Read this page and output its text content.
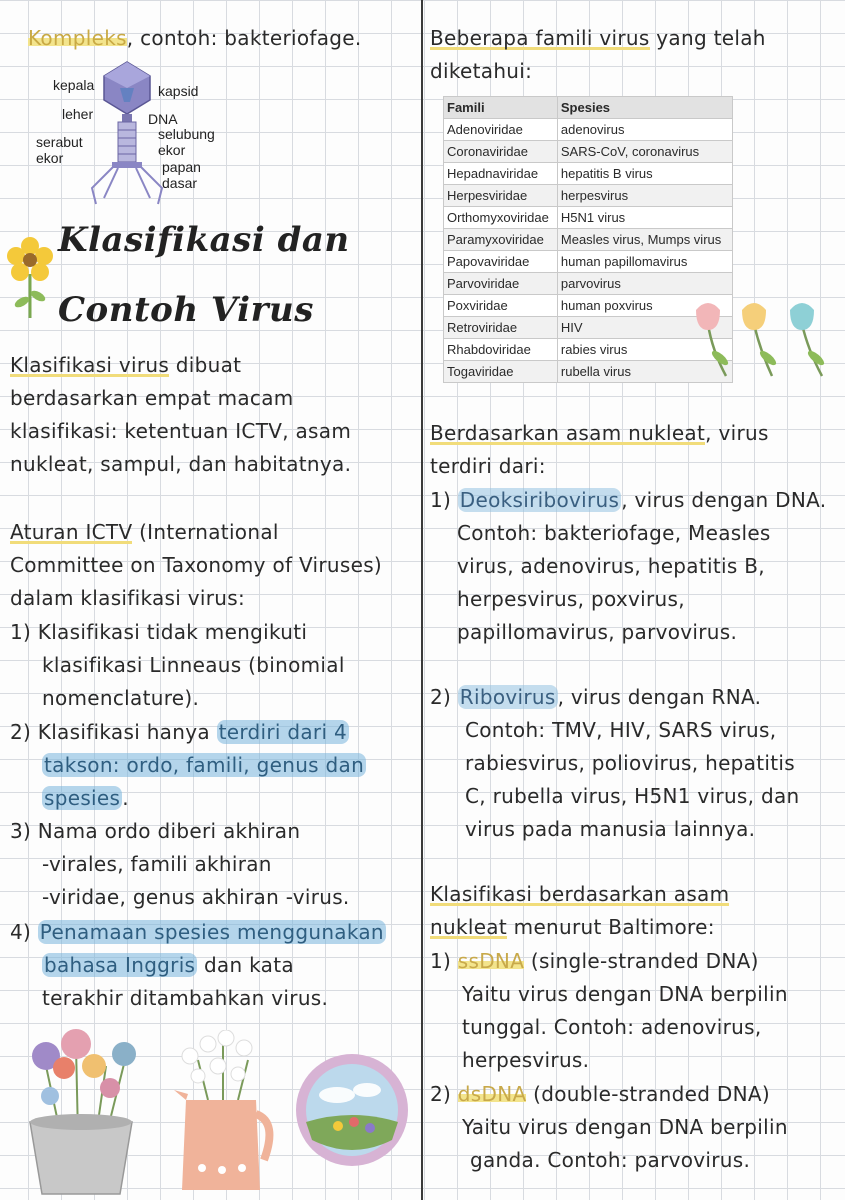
Kompleks, contoh: bakteriofage.
kepala	kapsid
leher	DNA
serabut
ekor
selubung
ekor
papan
dasar
Klasifikasi dan
Contoh Virus
Klasifikasi virus dibuat
berdasarkan empat macam
klasifikasi: ketentuan ICTV, asam
nukleat, sampul, dan habitatnya.
Aturan ICTV (International
Committee on Taxonomy of Viruses)
dalam klasifikasi virus:
1) Klasifikasi tidak mengikuti
klasifikasi Linneaus (binomial
nomenclature).
2) Klasifikasi hanya terdiri dari 4
takson: ordo, famili, genus dan
spesies .
3) Nama ordo diberi akhiran
-virales, famili akhiran
-viridae, genus akhiran -virus.
4) Penamaan spesies menggunakan
bahasa Inggris dan kata
terakhir ditambahkan virus.
Beberapa famili virus yang telah
diketahui:
Famili	Spesies
Adenoviridae	adenovirus
Coronaviridae	SARS-CoV, coronavirus
Hepadnaviridae	hepatitis B virus
Herpesviridae	herpesvirus
Orthomyxoviridae	H5N1 virus
Paramyxoviridae	Measles virus, Mumps virus
Papovaviridae	human papillomavirus
Parvoviridae	parvovirus
Poxviridae	human poxvirus
Retroviridae	HIV
Rhabdoviridae	rabies virus
Togaviridae	rubella virus
Berdasarkan asam nukleat, virus
terdiri dari:
1) Deoksiribovirus , virus dengan DNA.
Contoh: bakteriofage, Measles
virus, adenovirus, hepatitis B,
herpesvirus, poxvirus,
papillomavirus, parvovirus.
2) Ribovirus , virus dengan RNA.
Contoh: TMV, HIV, SARS virus,
rabiesvirus, poliovirus, hepatitis
C, rubella virus, H5N1 virus, dan
virus pada manusia lainnya.
Klasifikasi berdasarkan asam
nukleat menurut Baltimore:
1) ssDNA (single-stranded DNA)
Yaitu virus dengan DNA berpilin
tunggal. Contoh: adenovirus,
herpesvirus.
2) dsDNA (double-stranded DNA)
Yaitu virus dengan DNA berpilin
ganda. Contoh: parvovirus.
